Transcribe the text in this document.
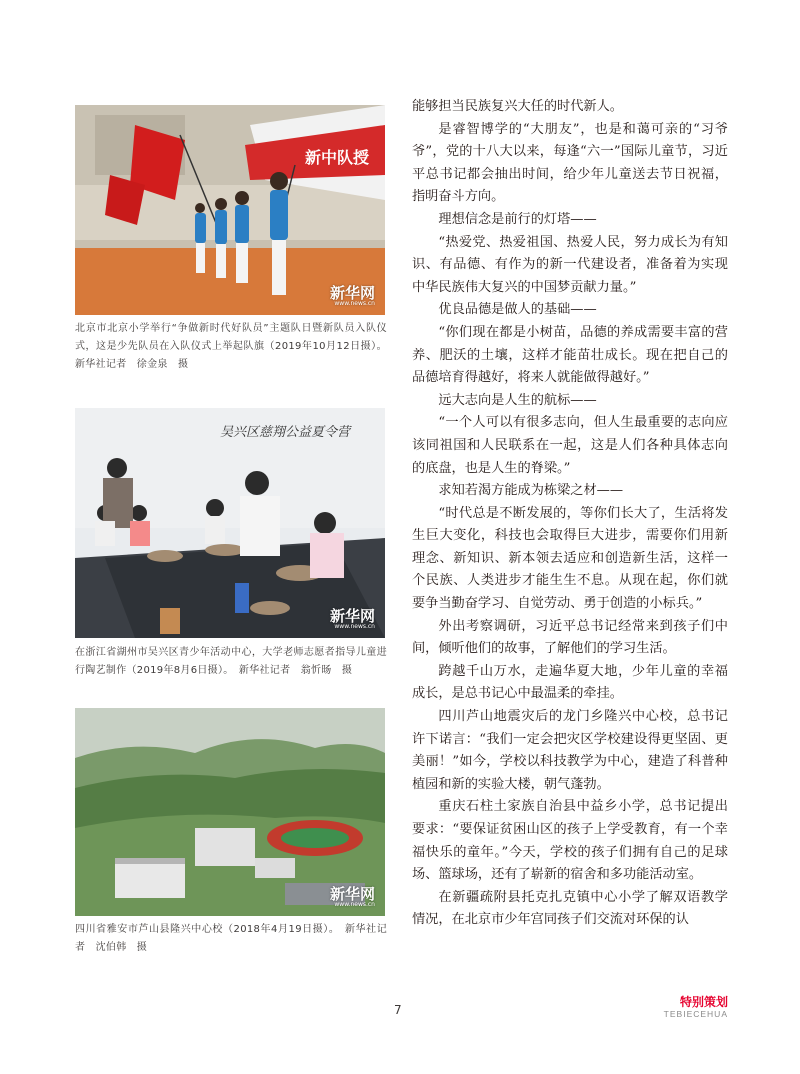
新中队授
新华网
www.news.cn

北京市北京小学举行“争做新时代好队员”主题队日暨新队员入队仪式，这是少先队员在入队仪式上举起队旗（2019年10月12日摄）。新华社记者　徐金泉　摄

吴兴区慈翔公益夏令营
新华网
www.news.cn

在浙江省湖州市吴兴区青少年活动中心，大学老师志愿者指导儿童进行陶艺制作（2019年8月6日摄）。　新华社记者　翁忻旸　摄

新华网
www.news.cn

四川省雅安市芦山县隆兴中心校（2018年4月19日摄）。　新华社记者　沈伯韩　摄

能够担当民族复兴大任的时代新人。

是睿智博学的“大朋友”，也是和蔼可亲的“习爷爷”，党的十八大以来，每逢“六一”国际儿童节，习近平总书记都会抽出时间，给少年儿童送去节日祝福，指明奋斗方向。

理想信念是前行的灯塔——

“热爱党、热爱祖国、热爱人民，努力成长为有知识、有品德、有作为的新一代建设者，准备着为实现中华民族伟大复兴的中国梦贡献力量。”

优良品德是做人的基础——

“你们现在都是小树苗，品德的养成需要丰富的营养、肥沃的土壤，这样才能苗壮成长。现在把自己的品德培育得越好，将来人就能做得越好。”

远大志向是人生的航标——

“一个人可以有很多志向，但人生最重要的志向应该同祖国和人民联系在一起，这是人们各种具体志向的底盘，也是人生的脊梁。”

求知若渴方能成为栋梁之材——

“时代总是不断发展的，等你们长大了，生活将发生巨大变化，科技也会取得巨大进步，需要你们用新理念、新知识、新本领去适应和创造新生活，这样一个民族、人类进步才能生生不息。从现在起，你们就要争当勤奋学习、自觉劳动、勇于创造的小标兵。”

外出考察调研，习近平总书记经常来到孩子们中间，倾听他们的故事，了解他们的学习生活。

跨越千山万水，走遍华夏大地，少年儿童的幸福成长，是总书记心中最温柔的牵挂。

四川芦山地震灾后的龙门乡隆兴中心校，总书记许下诺言：“我们一定会把灾区学校建设得更坚固、更美丽！”如今，学校以科技教学为中心，建造了科普种植园和新的实验大楼，朝气蓬勃。

重庆石柱土家族自治县中益乡小学，总书记提出要求：“要保证贫困山区的孩子上学受教育，有一个幸福快乐的童年。”今天，学校的孩子们拥有自己的足球场、篮球场，还有了崭新的宿舍和多功能活动室。

在新疆疏附县托克扎克镇中心小学了解双语教学情况，在北京市少年宫同孩子们交流对环保的认

7
特别策划
TEBIECEHUA
